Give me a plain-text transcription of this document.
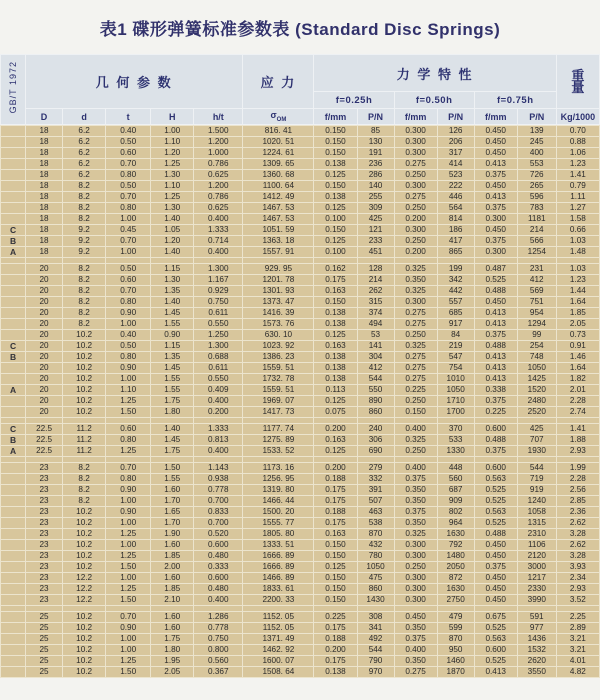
表1 碟形弹簧标准参数表 (Standard Disc Springs)
GB/T 1972	几 何 参 数					应 力	力 学 特 性						重
量

							f=0.25h		f=0.50h		f=0.75h		
	D	d	t	H	h/t	$\sigma_{OM}$	f/mm	P/N	f/mm	P/N	f/mm	P/N	Kg/1000
	18	6.2	0.40	1.00	1.500	816. 41	0.150	85	0.300	126	0.450	139	0.70
	18	6.2	0.50	1.10	1.200	1020. 51	0.150	130	0.300	206	0.450	245	0.88
	18	6.2	0.60	1.20	1.000	1224. 61	0.150	191	0.300	317	0.450	400	1.06
	18	6.2	0.70	1.25	0.786	1309. 65	0.138	236	0.275	414	0.413	553	1.23
	18	6.2	0.80	1.30	0.625	1360. 68	0.125	286	0.250	523	0.375	726	1.41
	18	8.2	0.50	1.10	1.200	1100. 64	0.150	140	0.300	222	0.450	265	0.79
	18	8.2	0.70	1.25	0.786	1412. 49	0.138	255	0.275	446	0.413	596	1.11
	18	8.2	0.80	1.30	0.625	1467. 53	0.125	309	0.250	564	0.375	783	1.27
	18	8.2	1.00	1.40	0.400	1467. 53	0.100	425	0.200	814	0.300	1181	1.58
C	18	9.2	0.45	1.05	1.333	1051. 59	0.150	121	0.300	186	0.450	214	0.66
B	18	9.2	0.70	1.20	0.714	1363. 18	0.125	233	0.250	417	0.375	566	1.03
A	18	9.2	1.00	1.40	0.400	1557. 91	0.100	451	0.200	865	0.300	1254	1.48

	20	8.2	0.50	1.15	1.300	929. 95	0.162	128	0.325	199	0.487	231	1.03
	20	8.2	0.60	1.30	1.167	1201. 78	0.175	214	0.350	342	0.525	412	1.23
	20	8.2	0.70	1.35	0.929	1301. 93	0.163	262	0.325	442	0.488	569	1.44
	20	8.2	0.80	1.40	0.750	1373. 47	0.150	315	0.300	557	0.450	751	1.64
	20	8.2	0.90	1.45	0.611	1416. 39	0.138	374	0.275	685	0.413	954	1.85
	20	8.2	1.00	1.55	0.550	1573. 76	0.138	494	0.275	917	0.413	1294	2.05
	20	10.2	0.40	0.90	1.250	630. 10	0.125	53	0.250	84	0.375	99	0.73
C	20	10.2	0.50	1.15	1.300	1023. 92	0.163	141	0.325	219	0.488	254	0.91
B	20	10.2	0.80	1.35	0.688	1386. 23	0.138	304	0.275	547	0.413	748	1.46
	20	10.2	0.90	1.45	0.611	1559. 51	0.138	412	0.275	754	0.413	1050	1.64
	20	10.2	1.00	1.55	0.550	1732. 78	0.138	544	0.275	1010	0.413	1425	1.82
A	20	10.2	1.10	1.55	0.409	1559. 51	0.113	550	0.225	1050	0.338	1520	2.01
	20	10.2	1.25	1.75	0.400	1969. 07	0.125	890	0.250	1710	0.375	2480	2.28
	20	10.2	1.50	1.80	0.200	1417. 73	0.075	860	0.150	1700	0.225	2520	2.74

C	22.5	11.2	0.60	1.40	1.333	1177. 74	0.200	240	0.400	370	0.600	425	1.41
B	22.5	11.2	0.80	1.45	0.813	1275. 89	0.163	306	0.325	533	0.488	707	1.88
A	22.5	11.2	1.25	1.75	0.400	1533. 52	0.125	690	0.250	1330	0.375	1930	2.93

	23	8.2	0.70	1.50	1.143	1173. 16	0.200	279	0.400	448	0.600	544	1.99
	23	8.2	0.80	1.55	0.938	1256. 95	0.188	332	0.375	560	0.563	719	2.28
	23	8.2	0.90	1.60	0.778	1319. 80	0.175	391	0.350	687	0.525	919	2.56
	23	8.2	1.00	1.70	0.700	1466. 44	0.175	507	0.350	909	0.525	1240	2.85
	23	10.2	0.90	1.65	0.833	1500. 20	0.188	463	0.375	802	0.563	1058	2.36
	23	10.2	1.00	1.70	0.700	1555. 77	0.175	538	0.350	964	0.525	1315	2.62
	23	10.2	1.25	1.90	0.520	1805. 80	0.163	870	0.325	1630	0.488	2310	3.28
	23	10.2	1.00	1.60	0.600	1333. 51	0.150	432	0.300	792	0.450	1106	2.62
	23	10.2	1.25	1.85	0.480	1666. 89	0.150	780	0.300	1480	0.450	2120	3.28
	23	10.2	1.50	2.00	0.333	1666. 89	0.125	1050	0.250	2050	0.375	3000	3.93
	23	12.2	1.00	1.60	0.600	1466. 89	0.150	475	0.300	872	0.450	1217	2.34
	23	12.2	1.25	1.85	0.480	1833. 61	0.150	860	0.300	1630	0.450	2330	2.93
	23	12.2	1.50	2.10	0.400	2200. 33	0.150	1430	0.300	2750	0.450	3990	3.52

	25	10.2	0.70	1.60	1.286	1152. 05	0.225	308	0.450	479	0.675	591	2.25
	25	10.2	0.90	1.60	0.778	1152. 05	0.175	341	0.350	599	0.525	977	2.89
	25	10.2	1.00	1.75	0.750	1371. 49	0.188	492	0.375	870	0.563	1436	3.21
	25	10.2	1.00	1.80	0.800	1462. 92	0.200	544	0.400	950	0.600	1532	3.21
	25	10.2	1.25	1.95	0.560	1600. 07	0.175	790	0.350	1460	0.525	2620	4.01
	25	10.2	1.50	2.05	0.367	1508. 64	0.138	970	0.275	1870	0.413	3550	4.82
